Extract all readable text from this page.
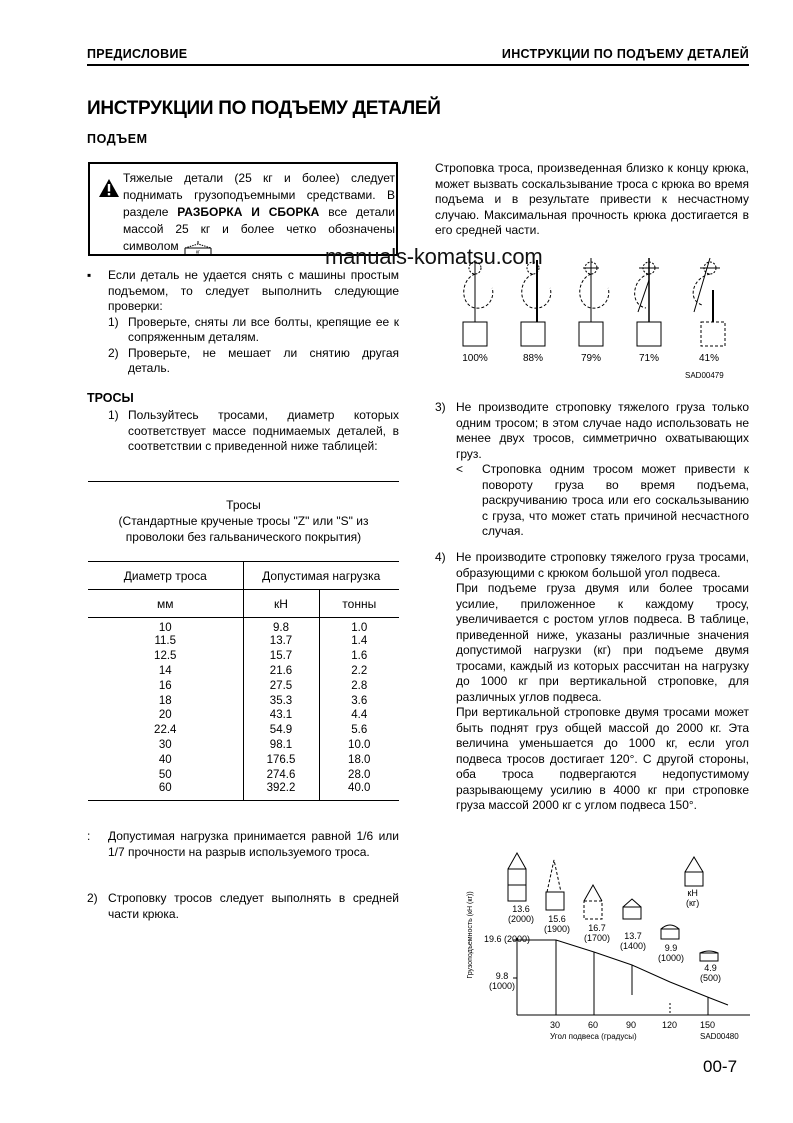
ПРЕДИСЛОВИЕ	ИНСТРУКЦИИ ПО ПОДЪЕМУ ДЕТАЛЕЙ
ИНСТРУКЦИИ ПО ПОДЪЕМУ ДЕТАЛЕЙ
ПОДЪЕМ
Тяжелые детали (25 кг и более) следует поднимать грузоподъемными средствами. В разделе РАЗБОРКА И СБОРКА все детали массой 25 кг и более четко обозначены символом	кг	manuals-komatsu.com
▪ Если деталь не удается снять с машины простым подъемом, то следует выполнить следующие проверки:
1) Проверьте, сняты ли все болты, крепящие ее к сопряженным деталям.
2) Проверьте, не мешает ли снятию другая деталь.
ТРОСЫ
1) Пользуйтесь тросами, диаметр которых соответствует массе поднимаемых деталей, в соответствии с приведенной ниже таблицей:
Тросы
(Стандартные крученые тросы "Z" или "S" из
проволоки без гальванического покрытия)
Диаметр троса	Допустимая нагрузка	
мм	кН	тонны
10	9.8	1.0
11.5	13.7	1.4
12.5	15.7	1.6
14	21.6	2.2
16	27.5	2.8
18	35.3	3.6
20	43.1	4.4
22.4	54.9	5.6
30	98.1	10.0
40	176.5	18.0
50	274.6	28.0
60	392.2	40.0
: Допустимая нагрузка принимается равной 1/6 или 1/7 прочности на разрыв используемого троса.
2) Строповку тросов следует выполнять в средней части крюка.
Строповка троса, произведенная близко к концу крюка, может вызвать соскальзывание троса с крюка во время подъема и в результате привести к несчастному случаю. Максимальная прочность крюка достигается в его средней части.
100%	88%	79%	71%	41%
SAD00479
3) Не производите строповку тяжелого груза только одним тросом; в этом случае надо использовать не менее двух тросов, симметрично охватывающих груз.
< Строповка одним тросом может привести к повороту груза во время подъема, раскручиванию троса или его соскальзыванию с груза, что может стать причиной несчастного случая.
4) Не производите строповку тяжелого груза тросами, образующими с крюком большой угол подвеса.
При подъеме груза двумя или более тросами усилие, приложенное к каждому тросу, увеличивается с ростом углов подвеса. В таблице, приведенной ниже, указаны различные значения допустимой нагрузки (кг) при подъеме двумя тросами, каждый из которых рассчитан на нагрузку до 1000 кг при вертикальной строповке, для различных углов подвеса.
При вертикальной строповке двумя тросами может быть поднят груз общей массой до 2000 кг. Эта величина уменьшается до 1000 кг, если угол подвеса тросов достигает 120°. С другой стороны, оба троса подвергаются недопустимому разрывающему усилию в 4000 кг при строповке груза массой 2000 кг с углом подвеса 150°.
13.6
(2000)	15.6
(1900)	16.7
(1700)	13.7
(1400)	9.9
(1000)
4.9
(500)
кН
(кг)
19.6 (2000)
9.8 (1000)
30	60	90	120	150
Угол подвеса (градусы)	SAD00480
Грузоподъемность (кН (кг))
00-7
